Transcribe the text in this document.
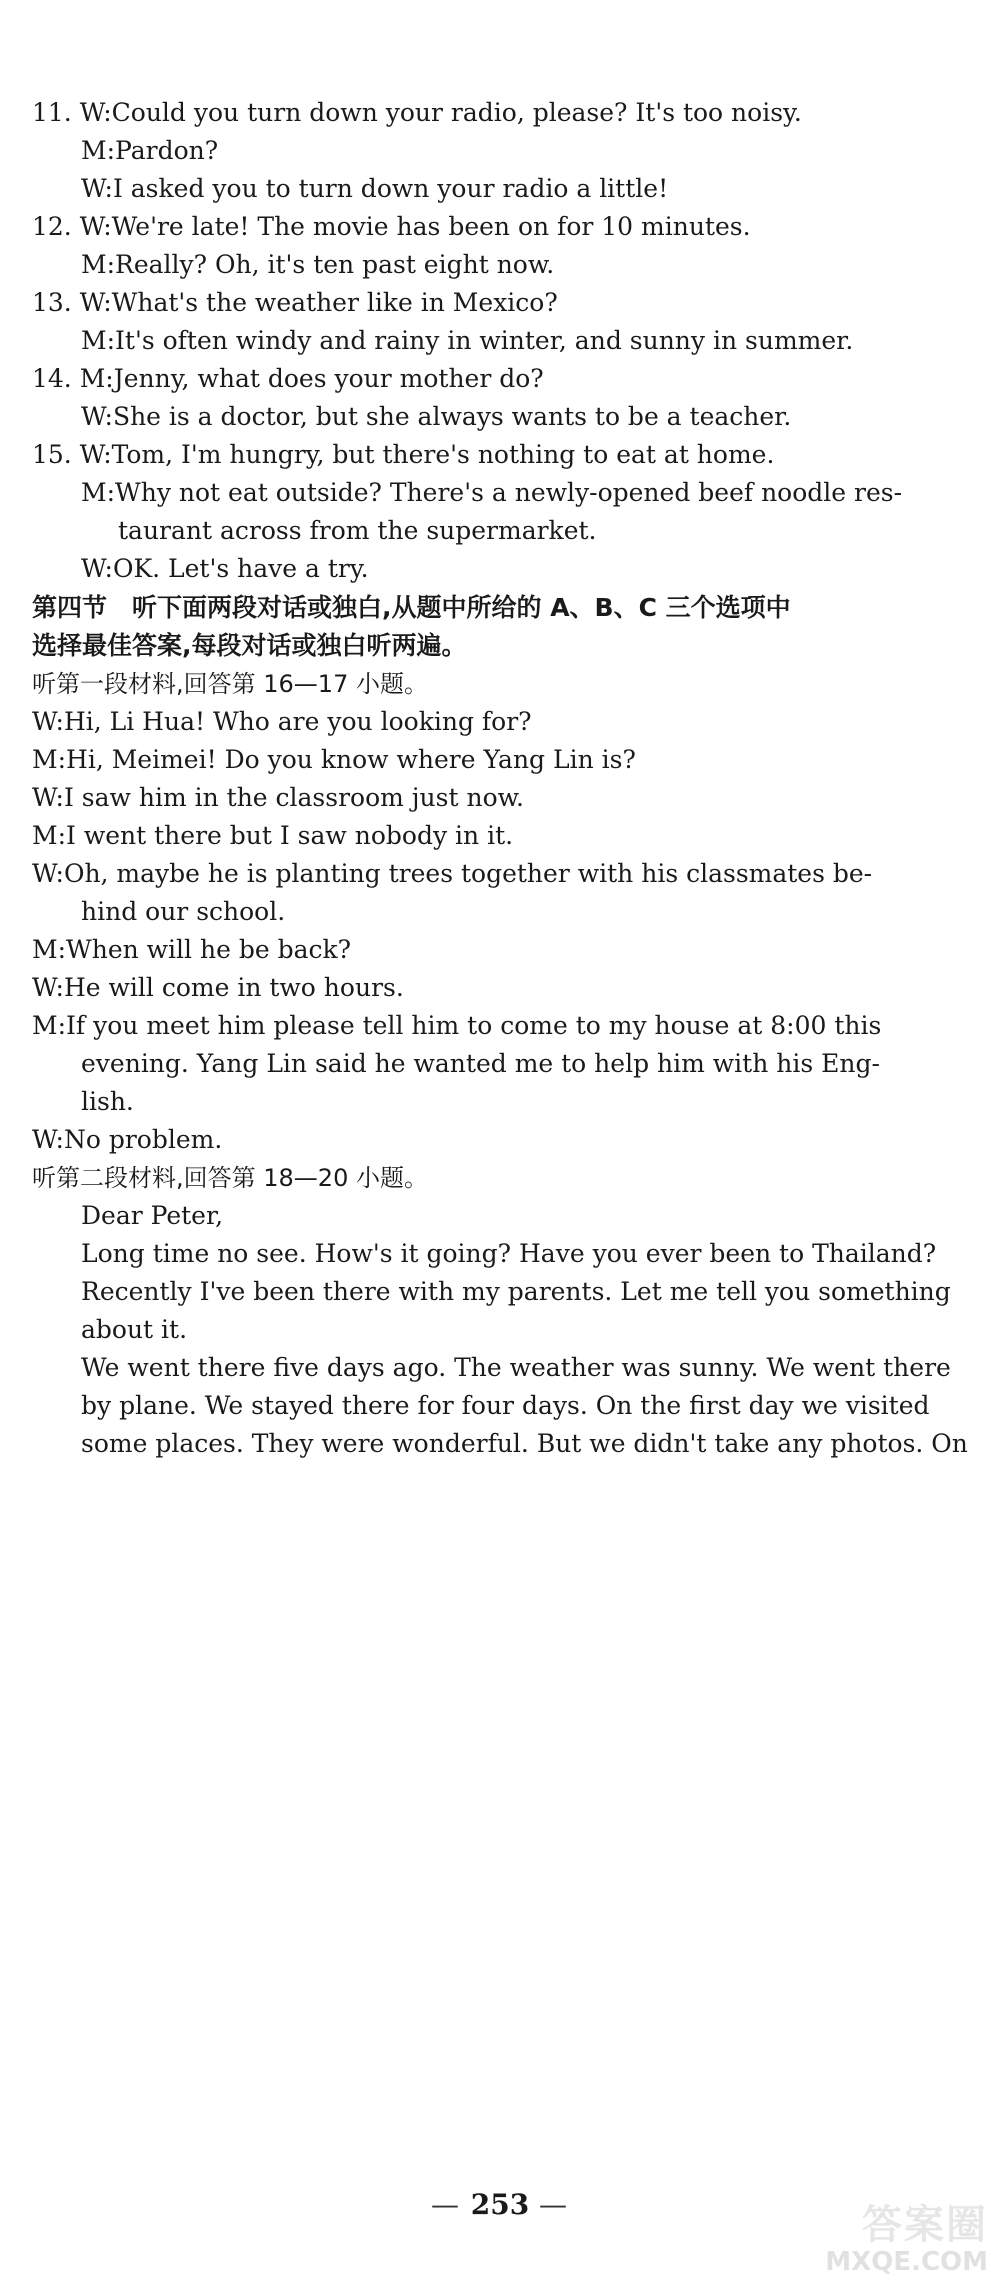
11. W:Could you turn down your radio, please? It's too noisy.
M:Pardon?
W:I asked you to turn down your radio a little!
12. W:We're late! The movie has been on for 10 minutes.
M:Really? Oh, it's ten past eight now.
13. W:What's the weather like in Mexico?
M:It's often windy and rainy in winter, and sunny in summer.
14. M:Jenny, what does your mother do?
W:She is a doctor, but she always wants to be a teacher.
15. W:Tom, I'm hungry, but there's nothing to eat at home.
M:Why not eat outside? There's a newly-opened beef noodle res-
taurant across from the supermarket.
W:OK. Let's have a try.
第四节　听下面两段对话或独白,从题中所给的 A、B、C 三个选项中
选择最佳答案,每段对话或独白听两遍。
听第一段材料,回答第 16—17 小题。
W:Hi, Li Hua! Who are you looking for?
M:Hi, Meimei! Do you know where Yang Lin is?
W:I saw him in the classroom just now.
M:I went there but I saw nobody in it.
W:Oh, maybe he is planting trees together with his classmates be-
hind our school.
M:When will he be back?
W:He will come in two hours.
M:If you meet him please tell him to come to my house at 8:00 this
evening. Yang Lin said he wanted me to help him with his Eng-
lish.
W:No problem.
听第二段材料,回答第 18—20 小题。
Dear Peter,
Long time no see. How's it going? Have you ever been to Thailand?
Recently I've been there with my parents. Let me tell you something
about it.
We went there five days ago. The weather was sunny. We went there
by plane. We stayed there for four days. On the first day we visited
some places. They were wonderful. But we didn't take any photos. On
— 253 —	答案圈
MXQE.COM
